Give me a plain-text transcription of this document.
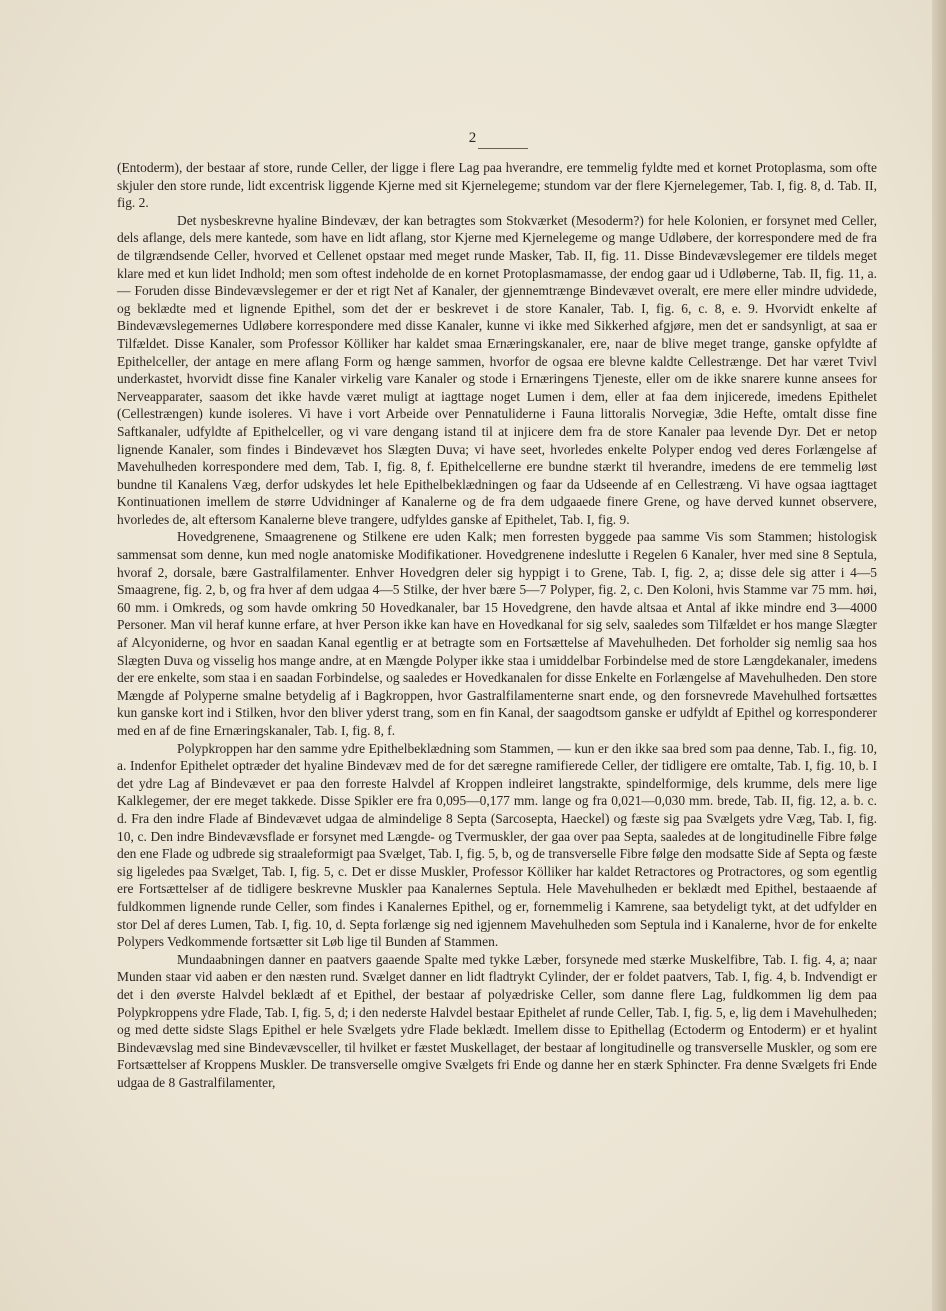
2

(Entoderm), der bestaar af store, runde Celler, der ligge i flere Lag paa hverandre, ere temmelig fyldte med et kornet Protoplasma, som ofte skjuler den store runde, lidt excentrisk liggende Kjerne med sit Kjernelegeme; stundom var der flere Kjernelegemer, Tab. I, fig. 8, d. Tab. II, fig. 2.

Det nysbeskrevne hyaline Bindevæv, der kan betragtes som Stokværket (Mesoderm?) for hele Kolonien, er forsynet med Celler, dels aflange, dels mere kantede, som have en lidt aflang, stor Kjerne med Kjernelegeme og mange Udløbere, der korrespondere med de fra de tilgrændsende Celler, hvorved et Cellenet opstaar med meget runde Masker, Tab. II, fig. 11. Disse Bindevævslegemer ere tildels meget klare med et kun lidet Indhold; men som oftest indeholde de en kornet Protoplasmamasse, der endog gaar ud i Udløberne, Tab. II, fig. 11, a. — Foruden disse Bindevævslegemer er der et rigt Net af Kanaler, der gjennemtrænge Bindevævet overalt, ere mere eller mindre udvidede, og beklædte med et lignende Epithel, som det der er beskrevet i de store Kanaler, Tab. I, fig. 6, c. 8, e. 9. Hvorvidt enkelte af Bindevævslegemernes Udløbere korrespondere med disse Kanaler, kunne vi ikke med Sikkerhed afgjøre, men det er sandsynligt, at saa er Tilfældet. Disse Kanaler, som Professor Kölliker har kaldet smaa Ernæringskanaler, ere, naar de blive meget trange, ganske opfyldte af Epithelceller, der antage en mere aflang Form og hænge sammen, hvorfor de ogsaa ere blevne kaldte Cellestrænge. Det har været Tvivl underkastet, hvorvidt disse fine Kanaler virkelig vare Kanaler og stode i Ernæringens Tjeneste, eller om de ikke snarere kunne ansees for Nerveapparater, saasom det ikke havde været muligt at iagttage noget Lumen i dem, eller at faa dem injicerede, imedens Epithelet (Cellestrængen) kunde isoleres. Vi have i vort Arbeide over Pennatuliderne i Fauna littoralis Norvegiæ, 3die Hefte, omtalt disse fine Saftkanaler, udfyldte af Epithelceller, og vi vare dengang istand til at injicere dem fra de store Kanaler paa levende Dyr. Det er netop lignende Kanaler, som findes i Bindevævet hos Slægten Duva; vi have seet, hvorledes enkelte Polyper endog ved deres Forlængelse af Mavehulheden korrespondere med dem, Tab. I, fig. 8, f. Epithelcellerne ere bundne stærkt til hverandre, imedens de ere temmelig løst bundne til Kanalens Væg, derfor udskydes let hele Epithelbeklædningen og faar da Udseende af en Cellestræng. Vi have ogsaa iagttaget Kontinuationen imellem de større Udvidninger af Kanalerne og de fra dem udgaaede finere Grene, og have derved kunnet observere, hvorledes de, alt eftersom Kanalerne bleve trangere, udfyldes ganske af Epithelet, Tab. I, fig. 9.

Hovedgrenene, Smaagrenene og Stilkene ere uden Kalk; men forresten byggede paa samme Vis som Stammen; histologisk sammensat som denne, kun med nogle anatomiske Modifikationer. Hovedgrenene indeslutte i Regelen 6 Kanaler, hver med sine 8 Septula, hvoraf 2, dorsale, bære Gastralfilamenter. Enhver Hovedgren deler sig hyppigt i to Grene, Tab. I, fig. 2, a; disse dele sig atter i 4—5 Smaagrene, fig. 2, b, og fra hver af dem udgaa 4—5 Stilke, der hver bære 5—7 Polyper, fig. 2, c. Den Koloni, hvis Stamme var 75 mm. høi, 60 mm. i Omkreds, og som havde omkring 50 Hovedkanaler, bar 15 Hovedgrene, den havde altsaa et Antal af ikke mindre end 3—4000 Personer. Man vil heraf kunne erfare, at hver Person ikke kan have en Hovedkanal for sig selv, saaledes som Tilfældet er hos mange Slægter af Alcyoniderne, og hvor en saadan Kanal egentlig er at betragte som en Fortsættelse af Mavehulheden. Det forholder sig nemlig saa hos Slægten Duva og visselig hos mange andre, at en Mængde Polyper ikke staa i umiddelbar Forbindelse med de store Længdekanaler, imedens der ere enkelte, som staa i en saadan Forbindelse, og saaledes er Hovedkanalen for disse Enkelte en Forlængelse af Mavehulheden. Den store Mængde af Polyperne smalne betydelig af i Bagkroppen, hvor Gastralfilamenterne snart ende, og den forsnevrede Mavehulhed fortsættes kun ganske kort ind i Stilken, hvor den bliver yderst trang, som en fin Kanal, der saagodtsom ganske er udfyldt af Epithel og korresponderer med en af de fine Ernæringskanaler, Tab. I, fig. 8, f.

Polypkroppen har den samme ydre Epithelbeklædning som Stammen, — kun er den ikke saa bred som paa denne, Tab. I., fig. 10, a. Indenfor Epithelet optræder det hyaline Bindevæv med de for det særegne ramifierede Celler, der tidligere ere omtalte, Tab. I, fig. 10, b. I det ydre Lag af Bindevævet er paa den forreste Halvdel af Kroppen indleiret langstrakte, spindelformige, dels krumme, dels mere lige Kalklegemer, der ere meget takkede. Disse Spikler ere fra 0,095—0,177 mm. lange og fra 0,021—0,030 mm. brede, Tab. II, fig. 12, a. b. c. d. Fra den indre Flade af Bindevævet udgaa de almindelige 8 Septa (Sarcosepta, Haeckel) og fæste sig paa Svælgets ydre Væg, Tab. I, fig. 10, c. Den indre Bindevævsflade er forsynet med Længde- og Tvermuskler, der gaa over paa Septa, saaledes at de longitudinelle Fibre følge den ene Flade og udbrede sig straaleformigt paa Svælget, Tab. I, fig. 5, b, og de transverselle Fibre følge den modsatte Side af Septa og fæste sig ligeledes paa Svælget, Tab. I, fig. 5, c. Det er disse Muskler, Professor Kölliker har kaldet Retractores og Protractores, og som egentlig ere Fortsættelser af de tidligere beskrevne Muskler paa Kanalernes Septula. Hele Mavehulheden er beklædt med Epithel, bestaaende af fuldkommen lignende runde Celler, som findes i Kanalernes Epithel, og er, fornemmelig i Kamrene, saa betydeligt tykt, at det udfylder en stor Del af deres Lumen, Tab. I, fig. 10, d. Septa forlænge sig ned igjennem Mavehulheden som Septula ind i Kanalerne, hvor de for enkelte Polypers Vedkommende fortsætter sit Løb lige til Bunden af Stammen.

Mundaabningen danner en paatvers gaaende Spalte med tykke Læber, forsynede med stærke Muskelfibre, Tab. I. fig. 4, a; naar Munden staar vid aaben er den næsten rund. Svælget danner en lidt fladtrykt Cylinder, der er foldet paatvers, Tab. I, fig. 4, b. Indvendigt er det i den øverste Halvdel beklædt af et Epithel, der bestaar af polyædriske Celler, som danne flere Lag, fuldkommen lig dem paa Polypkroppens ydre Flade, Tab. I, fig. 5, d; i den nederste Halvdel bestaar Epithelet af runde Celler, Tab. I, fig. 5, e, lig dem i Mavehulheden; og med dette sidste Slags Epithel er hele Svælgets ydre Flade beklædt. Imellem disse to Epithellag (Ectoderm og Entoderm) er et hyalint Bindevævslag med sine Bindevævsceller, til hvilket er fæstet Muskellaget, der bestaar af longitudinelle og transverselle Muskler, og som ere Fortsættelser af Kroppens Muskler. De transverselle omgive Svælgets fri Ende og danne her en stærk Sphincter. Fra denne Svælgets fri Ende udgaa de 8 Gastralfilamenter,
